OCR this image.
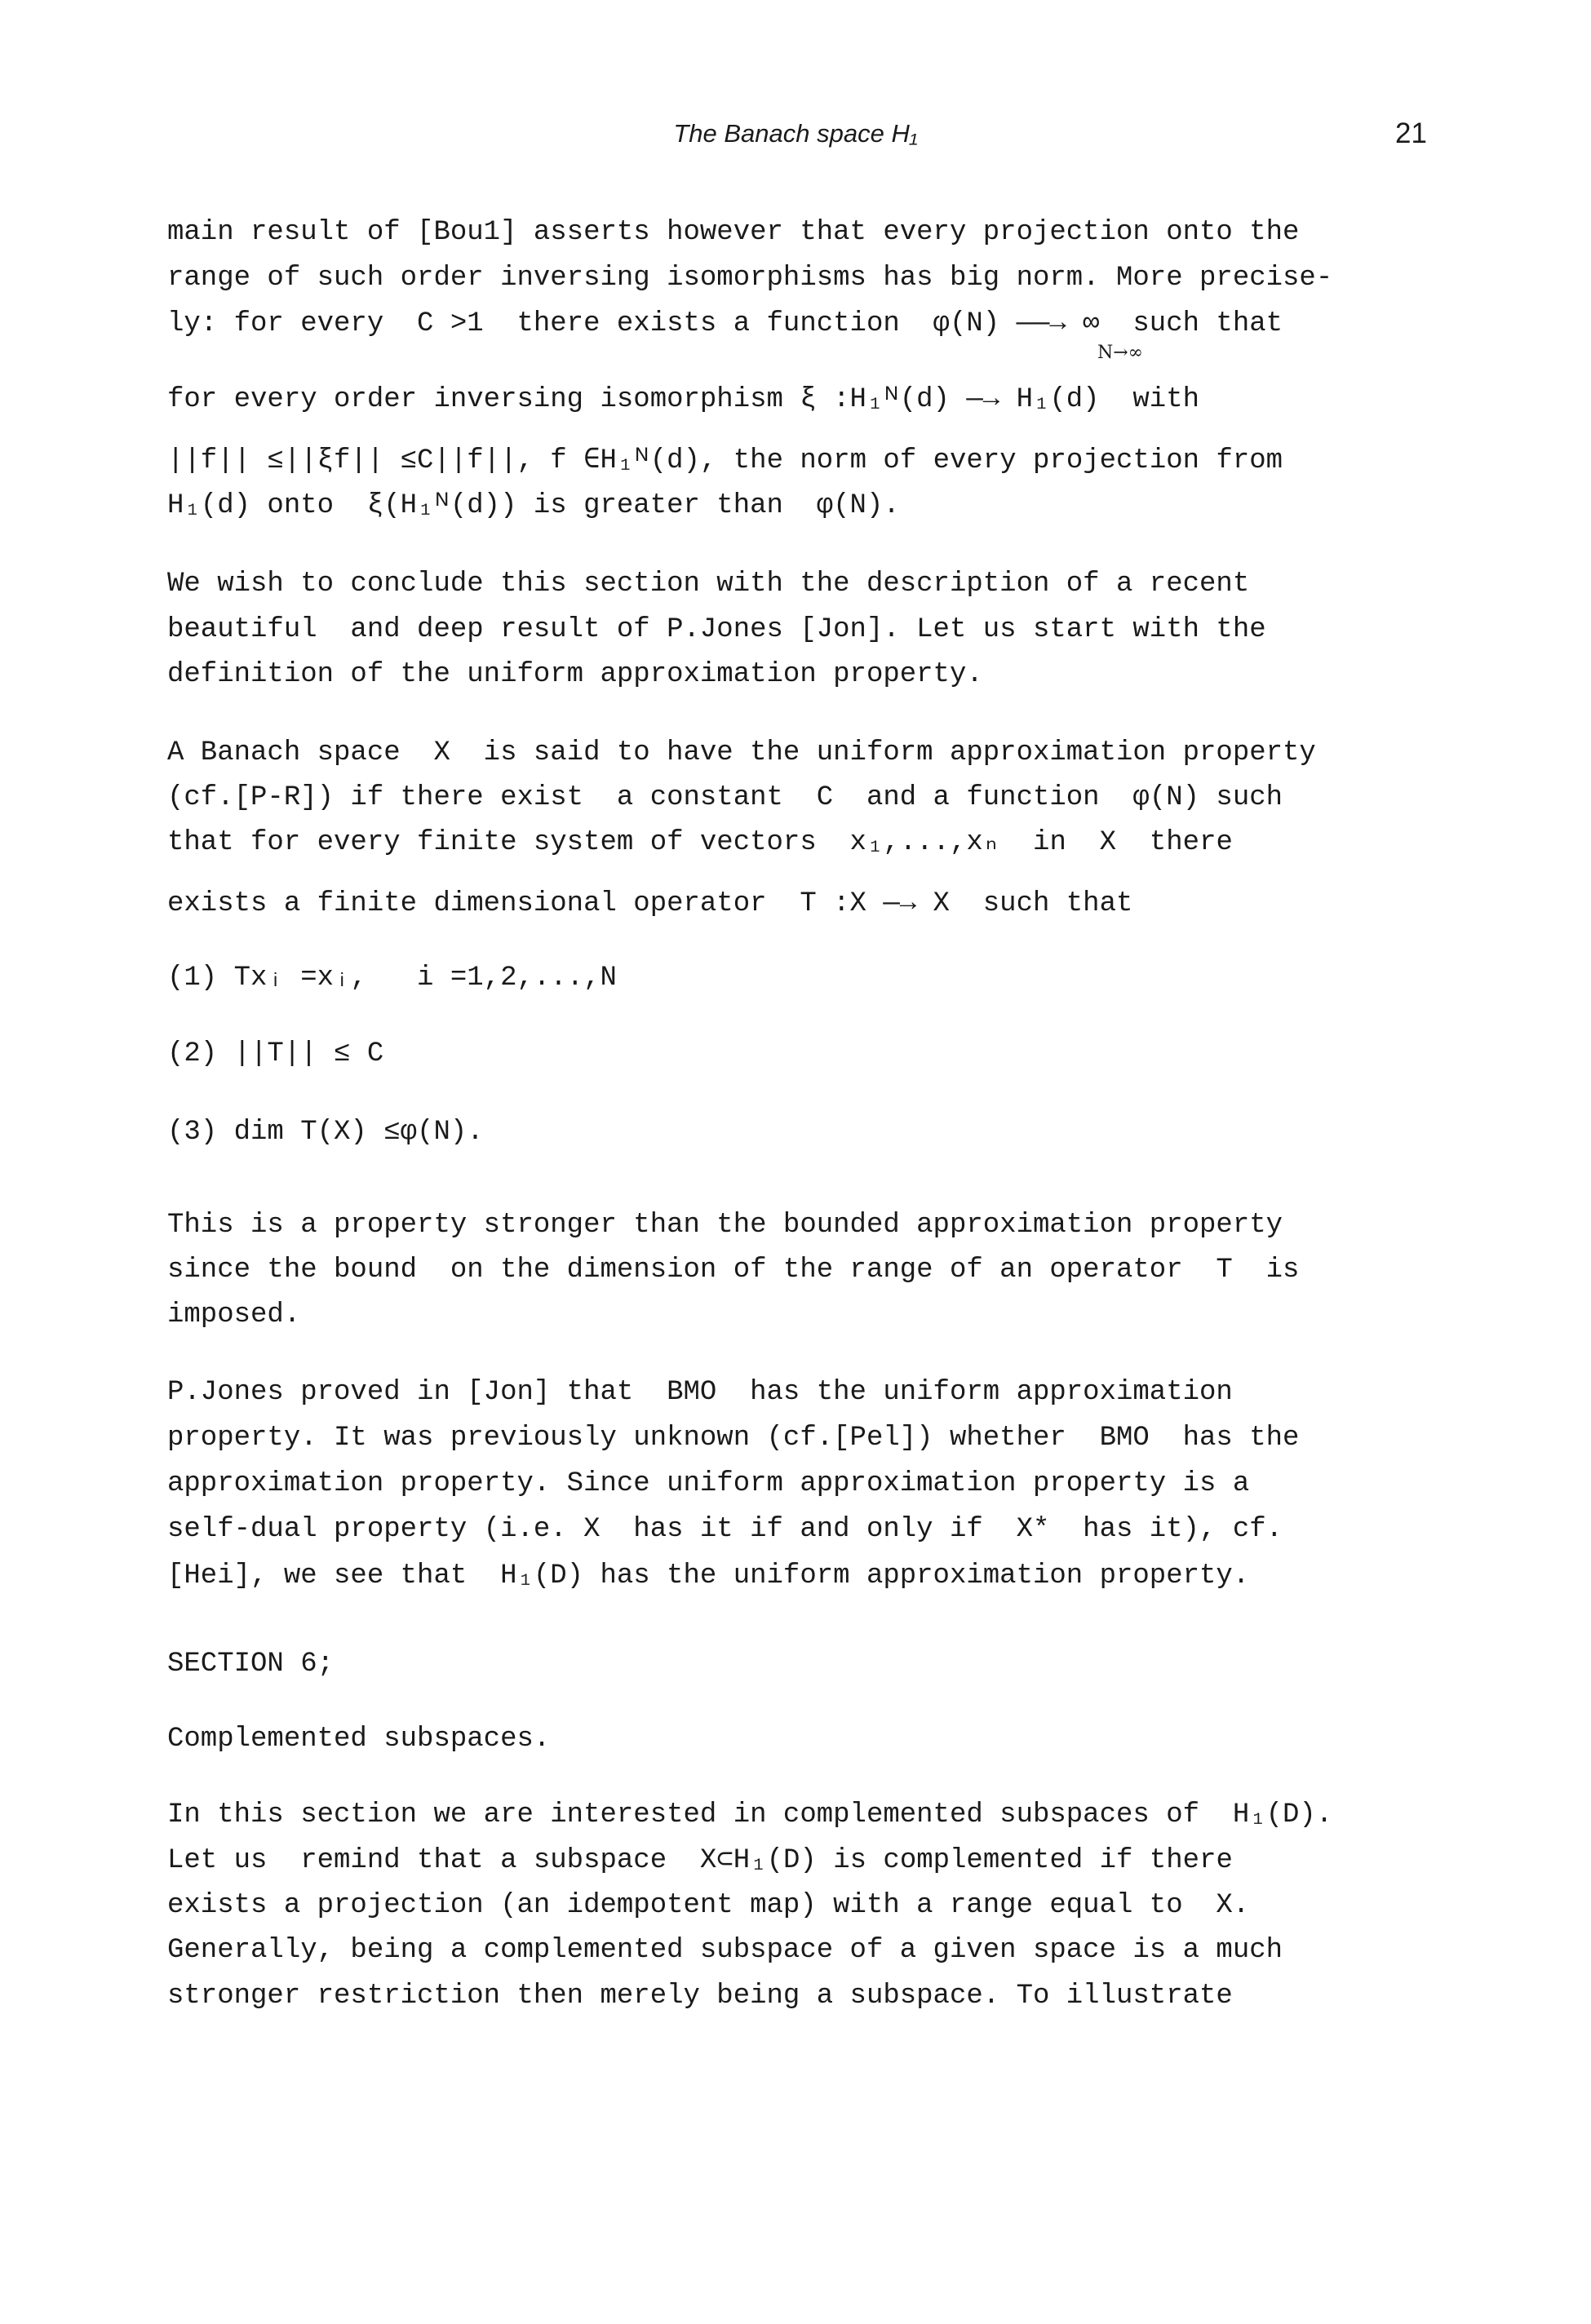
The Banach space H₁	21
main result of [Bou1] asserts however that every projection onto the
range of such order inversing isomorphisms has big norm. More precise-
ly: for every  C >1  there exists a function  φ(N) ——→ ∞  such that
N→∞
for every order inversing isomorphism ξ :H₁ᴺ(d) —→ H₁(d)  with
||f|| ≤||ξf|| ≤C||f||, f ∈H₁ᴺ(d), the norm of every projection from
H₁(d) onto  ξ(H₁ᴺ(d)) is greater than  φ(N).
We wish to conclude this section with the description of a recent
beautiful  and deep result of P.Jones [Jon]. Let us start with the
definition of the uniform approximation property.
A Banach space  X  is said to have the uniform approximation property
(cf.[P-R]) if there exist  a constant  C  and a function  φ(N) such
that for every finite system of vectors  x₁,...,xₙ  in  X  there
exists a finite dimensional operator  T :X —→ X  such that
(1) Txᵢ =xᵢ,   i =1,2,...,N
(2) ||T|| ≤ C
(3) dim T(X) ≤φ(N).
This is a property stronger than the bounded approximation property
since the bound  on the dimension of the range of an operator  T  is
imposed.
P.Jones proved in [Jon] that  BMO  has the uniform approximation
property. It was previously unknown (cf.[Pel]) whether  BMO  has the
approximation property. Since uniform approximation property is a
self-dual property (i.e. X  has it if and only if  X*  has it), cf.
[Hei], we see that  H₁(D) has the uniform approximation property.
SECTION 6;
Complemented subspaces.
In this section we are interested in complemented subspaces of  H₁(D).
Let us  remind that a subspace  X⊂H₁(D) is complemented if there
exists a projection (an idempotent map) with a range equal to  X.
Generally, being a complemented subspace of a given space is a much
stronger restriction then merely being a subspace. To illustrate
